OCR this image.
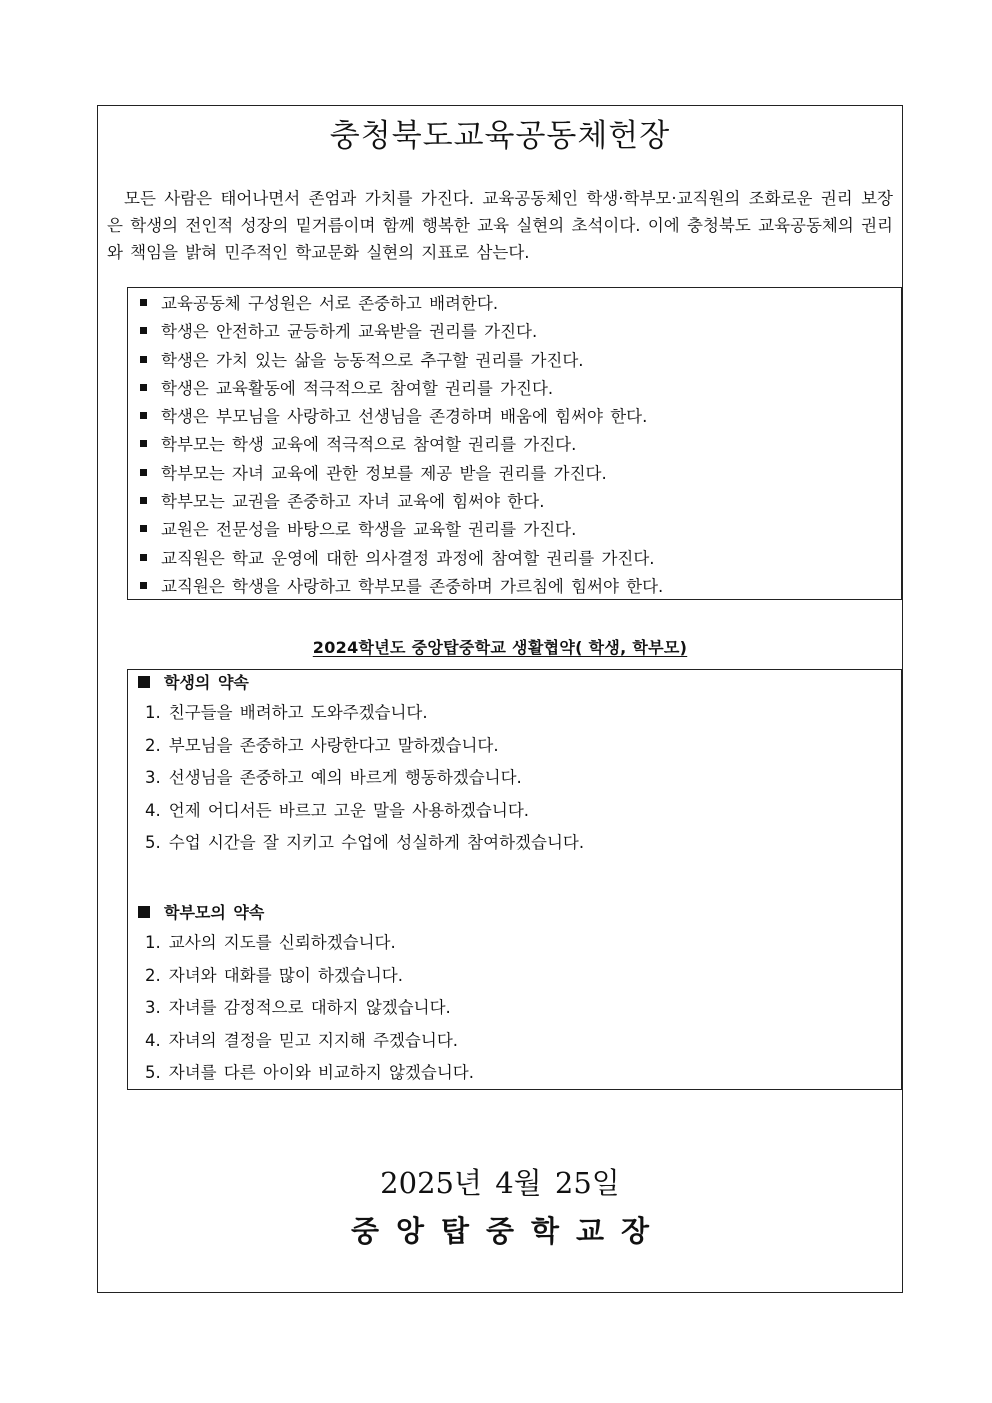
충청북도교육공동체헌장
모든 사람은 태어나면서 존엄과 가치를 가진다. 교육공동체인 학생·학부모·교직원의 조화로운 권리 보장은 학생의 전인적 성장의 밑거름이며 함께 행복한 교육 실현의 초석이다. 이에 충청북도 교육공동체의 권리와 책임을 밝혀 민주적인 학교문화 실현의 지표로 삼는다.
교육공동체 구성원은 서로 존중하고 배려한다.
학생은 안전하고 균등하게 교육받을 권리를 가진다.
학생은 가치 있는 삶을 능동적으로 추구할 권리를 가진다.
학생은 교육활동에 적극적으로 참여할 권리를 가진다.
학생은 부모님을 사랑하고 선생님을 존경하며 배움에 힘써야 한다.
학부모는 학생 교육에 적극적으로 참여할 권리를 가진다.
학부모는 자녀 교육에 관한 정보를 제공 받을 권리를 가진다.
학부모는 교권을 존중하고 자녀 교육에 힘써야 한다.
교원은 전문성을 바탕으로 학생을 교육할 권리를 가진다.
교직원은 학교 운영에 대한 의사결정 과정에 참여할 권리를 가진다.
교직원은 학생을 사랑하고 학부모를 존중하며 가르침에 힘써야 한다.
2024학년도 중앙탑중학교 생활협약( 학생, 학부모)
학생의 약속
1. 친구들을 배려하고 도와주겠습니다.
2. 부모님을 존중하고 사랑한다고 말하겠습니다.
3. 선생님을 존중하고 예의 바르게 행동하겠습니다.
4. 언제 어디서든 바르고 고운 말을 사용하겠습니다.
5. 수업 시간을 잘 지키고 수업에 성실하게 참여하겠습니다.
학부모의 약속
1. 교사의 지도를 신뢰하겠습니다.
2. 자녀와 대화를 많이 하겠습니다.
3. 자녀를 감정적으로 대하지 않겠습니다.
4. 자녀의 결정을 믿고 지지해 주겠습니다.
5. 자녀를 다른 아이와 비교하지 않겠습니다.
2025년 4월 25일
중앙탑중학교장
